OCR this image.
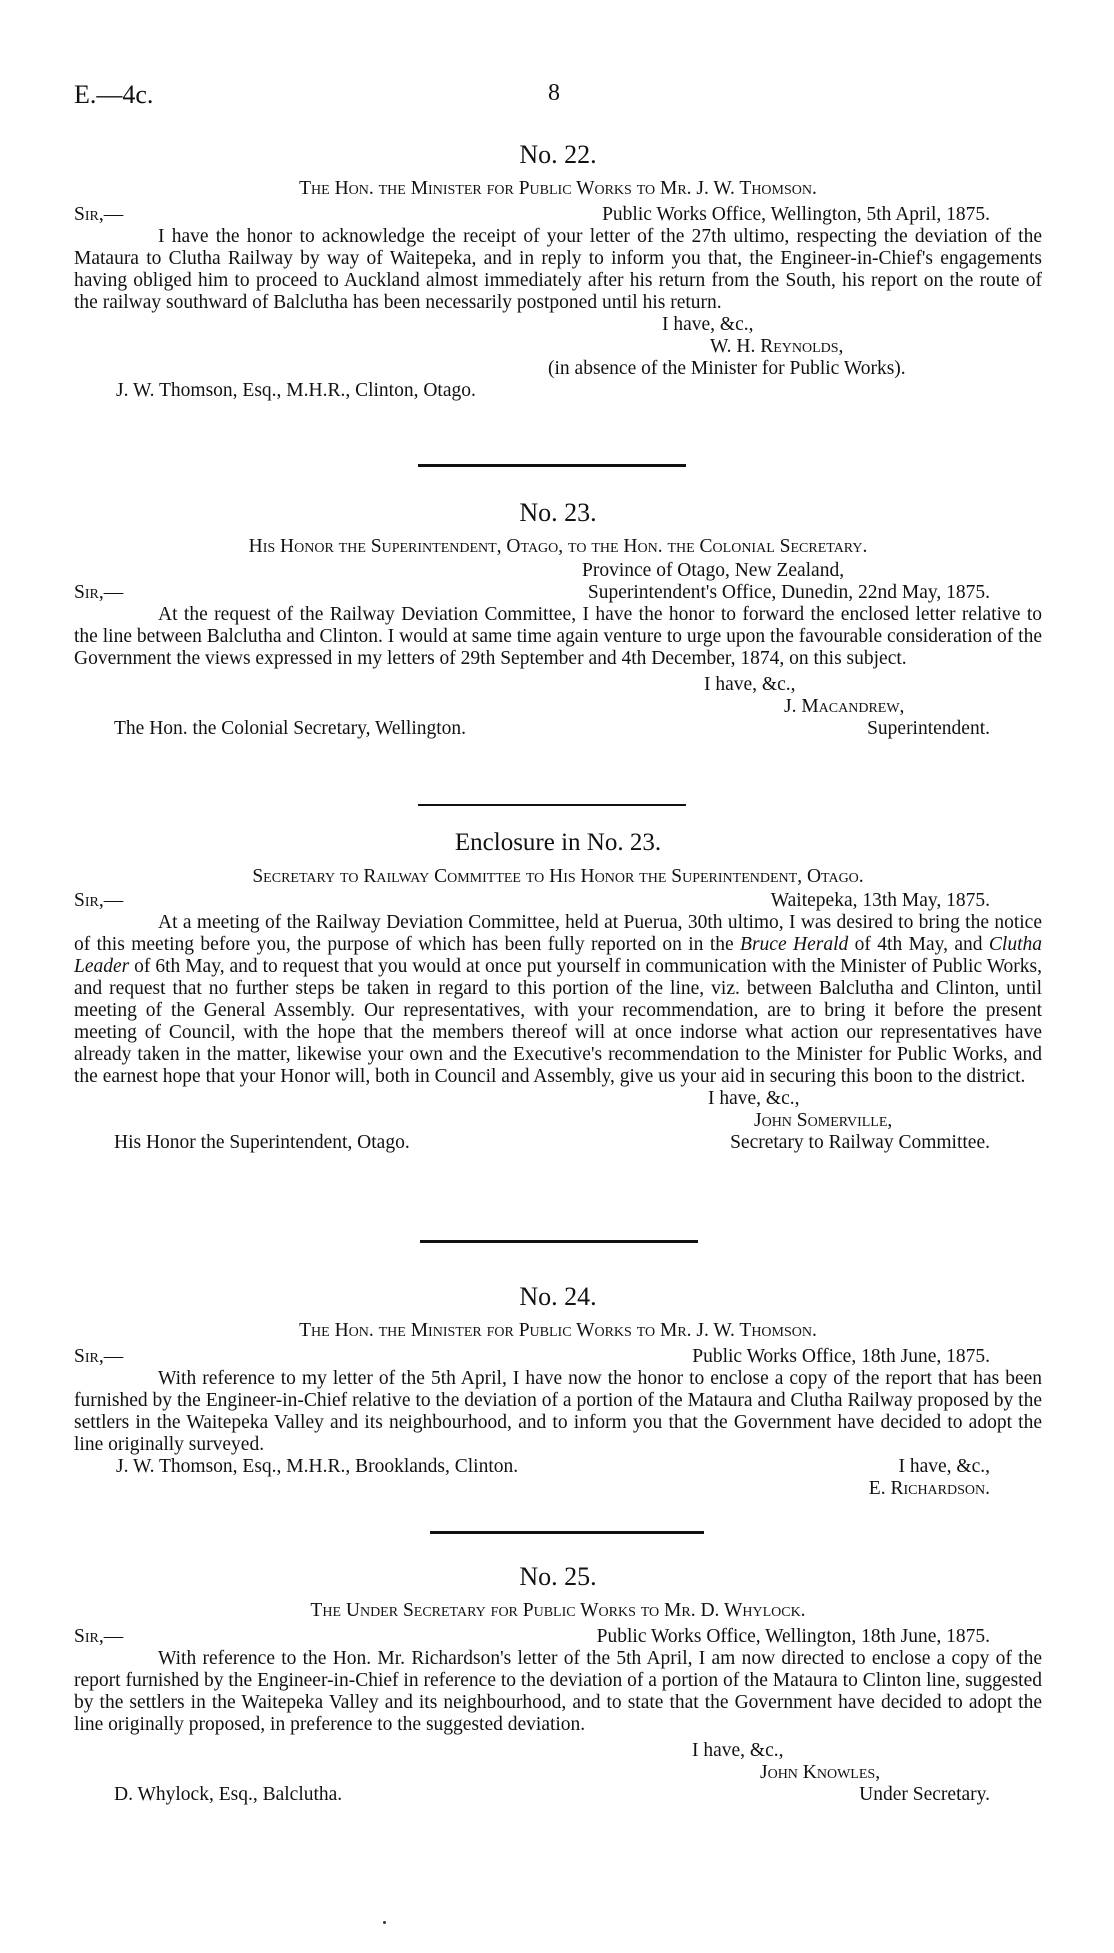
E.—4c.	8

No. 22.

The Hon. the Minister for Public Works to Mr. J. W. Thomson.

Sir,—	Public Works Office, Wellington, 5th April, 1875.

I have the honor to acknowledge the receipt of your letter of the 27th ultimo, respecting the deviation of the Mataura to Clutha Railway by way of Waitepeka, and in reply to inform you that, the Engineer-in-Chief's engagements having obliged him to proceed to Auckland almost immediately after his return from the South, his report on the route of the railway southward of Balclutha has been necessarily postponed until his return.

I have, &c.,

W. H. Reynolds,

(in absence of the Minister for Public Works).

J. W. Thomson, Esq., M.H.R., Clinton, Otago.

No. 23.

His Honor the Superintendent, Otago, to the Hon. the Colonial Secretary.

Province of Otago, New Zealand,

Sir,—	Superintendent's Office, Dunedin, 22nd May, 1875.

At the request of the Railway Deviation Committee, I have the honor to forward the enclosed letter relative to the line between Balclutha and Clinton. I would at same time again venture to urge upon the favourable consideration of the Government the views expressed in my letters of 29th September and 4th December, 1874, on this subject.

I have, &c.,

J. Macandrew,

The Hon. the Colonial Secretary, Wellington.	Superintendent.

Enclosure in No. 23.

Secretary to Railway Committee to His Honor the Superintendent, Otago.

Sir,—	Waitepeka, 13th May, 1875.

At a meeting of the Railway Deviation Committee, held at Puerua, 30th ultimo, I was desired to bring the notice of this meeting before you, the purpose of which has been fully reported on in the Bruce Herald of 4th May, and Clutha Leader of 6th May, and to request that you would at once put yourself in communication with the Minister of Public Works, and request that no further steps be taken in regard to this portion of the line, viz. between Balclutha and Clinton, until meeting of the General Assembly. Our representatives, with your recommendation, are to bring it before the present meeting of Council, with the hope that the members thereof will at once indorse what action our representatives have already taken in the matter, likewise your own and the Executive's recommendation to the Minister for Public Works, and the earnest hope that your Honor will, both in Council and Assembly, give us your aid in securing this boon to the district.

I have, &c.,

John Somerville,

His Honor the Superintendent, Otago.	Secretary to Railway Committee.

No. 24.

The Hon. the Minister for Public Works to Mr. J. W. Thomson.

Sir,—	Public Works Office, 18th June, 1875.

With reference to my letter of the 5th April, I have now the honor to enclose a copy of the report that has been furnished by the Engineer-in-Chief relative to the deviation of a portion of the Mataura and Clutha Railway proposed by the settlers in the Waitepeka Valley and its neighbourhood, and to inform you that the Government have decided to adopt the line originally surveyed.

J. W. Thomson, Esq., M.H.R., Brooklands, Clinton.	I have, &c.,
E. Richardson.

No. 25.

The Under Secretary for Public Works to Mr. D. Whylock.

Sir,—	Public Works Office, Wellington, 18th June, 1875.

With reference to the Hon. Mr. Richardson's letter of the 5th April, I am now directed to enclose a copy of the report furnished by the Engineer-in-Chief in reference to the deviation of a portion of the Mataura to Clinton line, suggested by the settlers in the Waitepeka Valley and its neighbourhood, and to state that the Government have decided to adopt the line originally proposed, in preference to the suggested deviation.

I have, &c.,

John Knowles,

D. Whylock, Esq., Balclutha.	Under Secretary.
